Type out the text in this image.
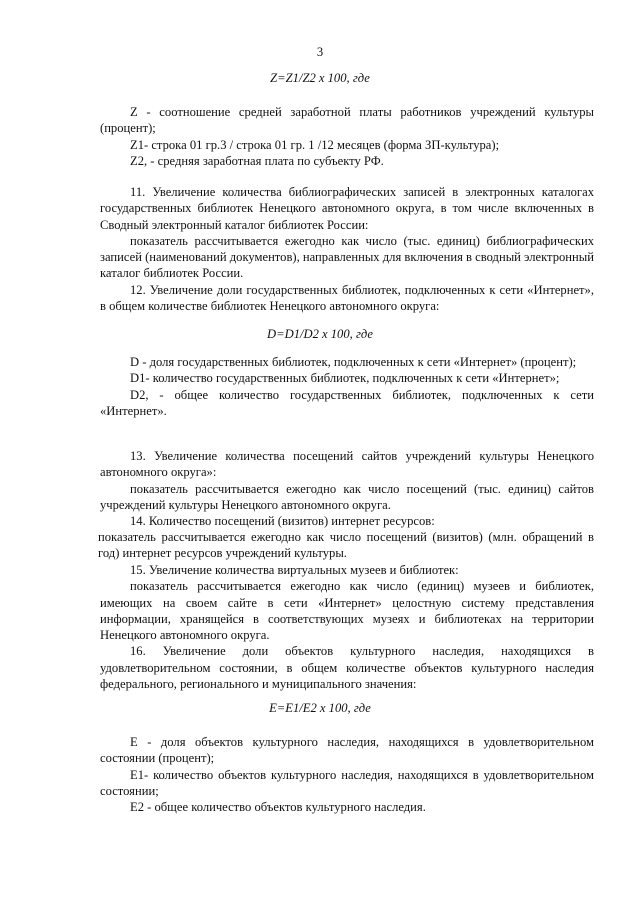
3
Z=Z1/Z2 x 100, где

Z - соотношение средней заработной платы работников учреждений культуры (процент);

Z1- строка 01 гр.3 / строка 01 гр. 1 /12 месяцев (форма ЗП-культура);

Z2, - средняя заработная плата по субъекту РФ.

11. Увеличение количества библиографических записей в электронных каталогах государственных библиотек Ненецкого автономного округа, в том числе включенных в Сводный электронный каталог библиотек России:

показатель рассчитывается ежегодно как число (тыс. единиц) библиографических записей (наименований документов), направленных для включения в сводный электронный каталог библиотек России.

12. Увеличение доли государственных библиотек, подключенных к сети «Интернет», в общем количестве библиотек Ненецкого автономного округа:

D=D1/D2 x 100, где

D - доля государственных библиотек, подключенных к сети «Интернет» (процент);

D1- количество государственных библиотек, подключенных к сети «Интернет»;

D2, - общее количество государственных библиотек, подключенных к сети «Интернет».

13. Увеличение количества посещений сайтов учреждений культуры Ненецкого автономного округа»:

показатель рассчитывается ежегодно как число посещений (тыс. единиц) сайтов учреждений культуры Ненецкого автономного округа.

14. Количество посещений (визитов) интернет ресурсов:

показатель рассчитывается ежегодно как число посещений (визитов) (млн. обращений в год) интернет ресурсов учреждений культуры.

15. Увеличение количества виртуальных музеев и библиотек:

показатель рассчитывается ежегодно как число (единиц) музеев и библиотек, имеющих на своем сайте в сети «Интернет» целостную систему представления информации, хранящейся в соответствующих музеях и библиотеках на территории Ненецкого автономного округа.

16. Увеличение доли объектов культурного наследия, находящихся в удовлетворительном состоянии, в общем количестве объектов культурного наследия федерального, регионального и муниципального значения:

E=E1/E2 x 100, где

E - доля объектов культурного наследия, находящихся в удовлетворительном состоянии (процент);

E1- количество объектов культурного наследия, находящихся в удовлетворительном состоянии;

E2 - общее количество объектов культурного наследия.
